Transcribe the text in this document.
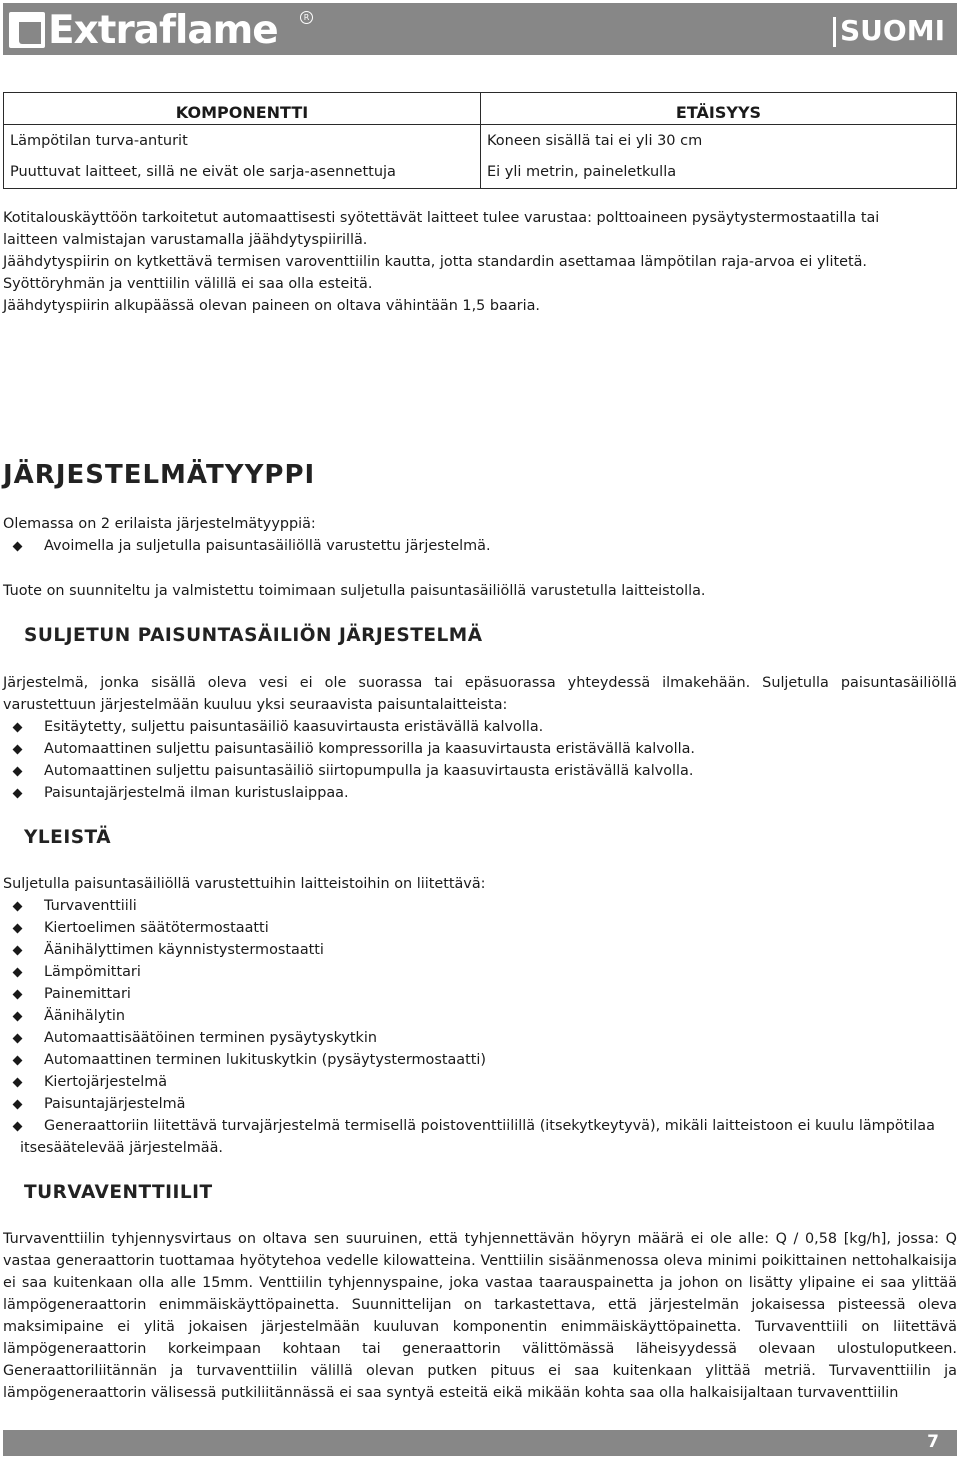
Extraflame	R	SUOMI
KOMPONENTTI	ETÄISYYS
Lämpötilan turva-anturit	Koneen sisällä tai ei yli 30 cm
Puuttuvat laitteet, sillä ne eivät ole sarja-asennettuja	Ei yli metrin, paineletkulla

Kotitalouskäyttöön tarkoitetut automaattisesti syötettävät laitteet tulee varustaa: polttoaineen pysäytystermostaatilla tai

laitteen valmistajan varustamalla jäähdytyspiirillä.

Jäähdytyspiirin on kytkettävä termisen varoventtiilin kautta, jotta standardin asettamaa lämpötilan raja-arvoa ei ylitetä.

Syöttöryhmän ja venttiilin välillä ei saa olla esteitä.

Jäähdytyspiirin alkupäässä olevan paineen on oltava vähintään 1,5 baaria.

JÄRJESTELMÄTYYPPI

Olemassa on 2 erilaista järjestelmätyyppiä:

Avoimella ja suljetulla paisuntasäiliöllä varustettu järjestelmä.

Tuote on suunniteltu ja valmistettu toimimaan suljetulla paisuntasäiliöllä varustetulla laitteistolla.

SULJETUN PAISUNTASÄILIÖN JÄRJESTELMÄ

Järjestelmä, jonka sisällä oleva vesi ei ole suorassa tai epäsuorassa yhteydessä ilmakehään. Suljetulla paisuntasäiliöllä varustettuun järjestelmään kuuluu yksi seuraavista paisuntalaitteista:

Esitäytetty, suljettu paisuntasäiliö kaasuvirtausta eristävällä kalvolla.
Automaattinen suljettu paisuntasäiliö kompressorilla ja kaasuvirtausta eristävällä kalvolla.
Automaattinen suljettu paisuntasäiliö siirtopumpulla ja kaasuvirtausta eristävällä kalvolla.
Paisuntajärjestelmä ilman kuristuslaippaa.
YLEISTÄ

Suljetulla paisuntasäiliöllä varustettuihin laitteistoihin on liitettävä:

Turvaventtiili
Kiertoelimen säätötermostaatti
Äänihälyttimen käynnistystermostaatti
Lämpömittari
Painemittari
Äänihälytin
Automaattisäätöinen terminen pysäytyskytkin
Automaattinen terminen lukituskytkin (pysäytystermostaatti)
Kiertojärjestelmä
Paisuntajärjestelmä
Generaattoriin liitettävä turvajärjestelmä termisellä poistoventtiilillä (itsekytkeytyvä), mikäli laitteistoon ei kuulu lämpötilaa

itsesäätelevää järjestelmää.

TURVAVENTTIILIT

Turvaventtiilin tyhjennysvirtaus on oltava sen suuruinen, että tyhjennettävän höyryn määrä ei ole alle: Q / 0,58 [kg/h], jossa: Q vastaa generaattorin tuottamaa hyötytehoa vedelle kilowatteina. Venttiilin sisäänmenossa oleva minimi poikittainen nettohalkaisija ei saa kuitenkaan olla alle 15mm. Venttiilin tyhjennyspaine, joka vastaa taarauspainetta ja johon on lisätty ylipaine ei saa ylittää lämpögeneraattorin enimmäiskäyttöpainetta. Suunnittelijan on tarkastettava, että järjestelmän jokaisessa pisteessä oleva maksimipaine ei ylitä jokaisen järjestelmään kuuluvan komponentin enimmäiskäyttöpainetta. Turvaventtiili on liitettävä lämpögeneraattorin korkeimpaan kohtaan tai generaattorin välittömässä läheisyydessä olevaan ulostuloputkeen. Generaattoriliitännän ja turvaventtiilin välillä olevan putken pituus ei saa kuitenkaan ylittää metriä. Turvaventtiilin ja lämpögeneraattorin välisessä putkiliitännässä ei saa syntyä esteitä eikä mikään kohta saa olla halkaisijaltaan turvaventtiilin

7
